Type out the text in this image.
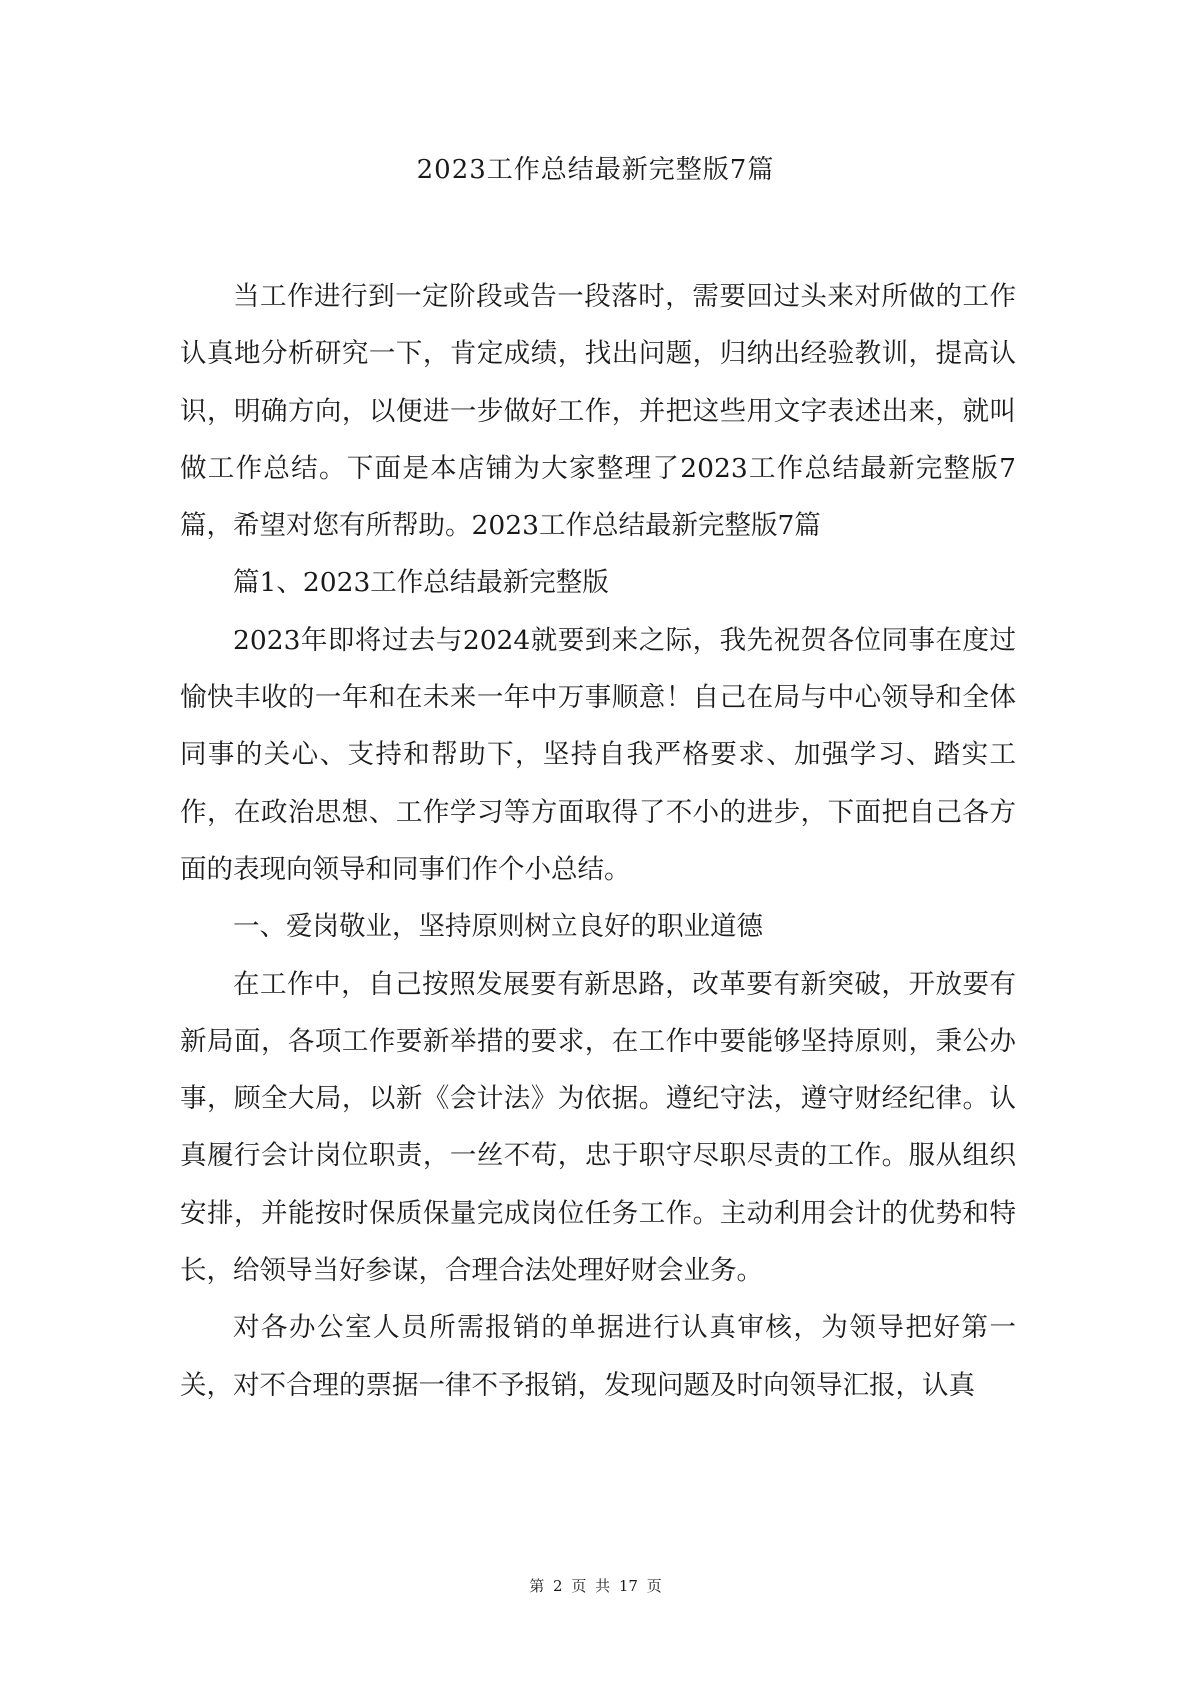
2023工作总结最新完整版7篇

当工作进行到一定阶段或告一段落时，需要回过头来对所做的工作认真地分析研究一下，肯定成绩，找出问题，归纳出经验教训，提高认识，明确方向，以便进一步做好工作，并把这些用文字表述出来，就叫做工作总结。下面是本店铺为大家整理了2023工作总结最新完整版7篇，希望对您有所帮助。2023工作总结最新完整版7篇

篇1、2023工作总结最新完整版

2023年即将过去与2024就要到来之际，我先祝贺各位同事在度过愉快丰收的一年和在未来一年中万事顺意！自己在局与中心领导和全体同事的关心、支持和帮助下，坚持自我严格要求、加强学习、踏实工作，在政治思想、工作学习等方面取得了不小的进步，下面把自己各方面的表现向领导和同事们作个小总结。

一、爱岗敬业，坚持原则树立良好的职业道德

在工作中，自己按照发展要有新思路，改革要有新突破，开放要有新局面，各项工作要新举措的要求，在工作中要能够坚持原则，秉公办事，顾全大局，以新《会计法》为依据。遵纪守法，遵守财经纪律。认真履行会计岗位职责，一丝不苟，忠于职守尽职尽责的工作。服从组织安排，并能按时保质保量完成岗位任务工作。主动利用会计的优势和特长，给领导当好参谋，合理合法处理好财会业务。

对各办公室人员所需报销的单据进行认真审核，为领导把好第一关，对不合理的票据一律不予报销，发现问题及时向领导汇报，认真

第 2 页 共 17 页
